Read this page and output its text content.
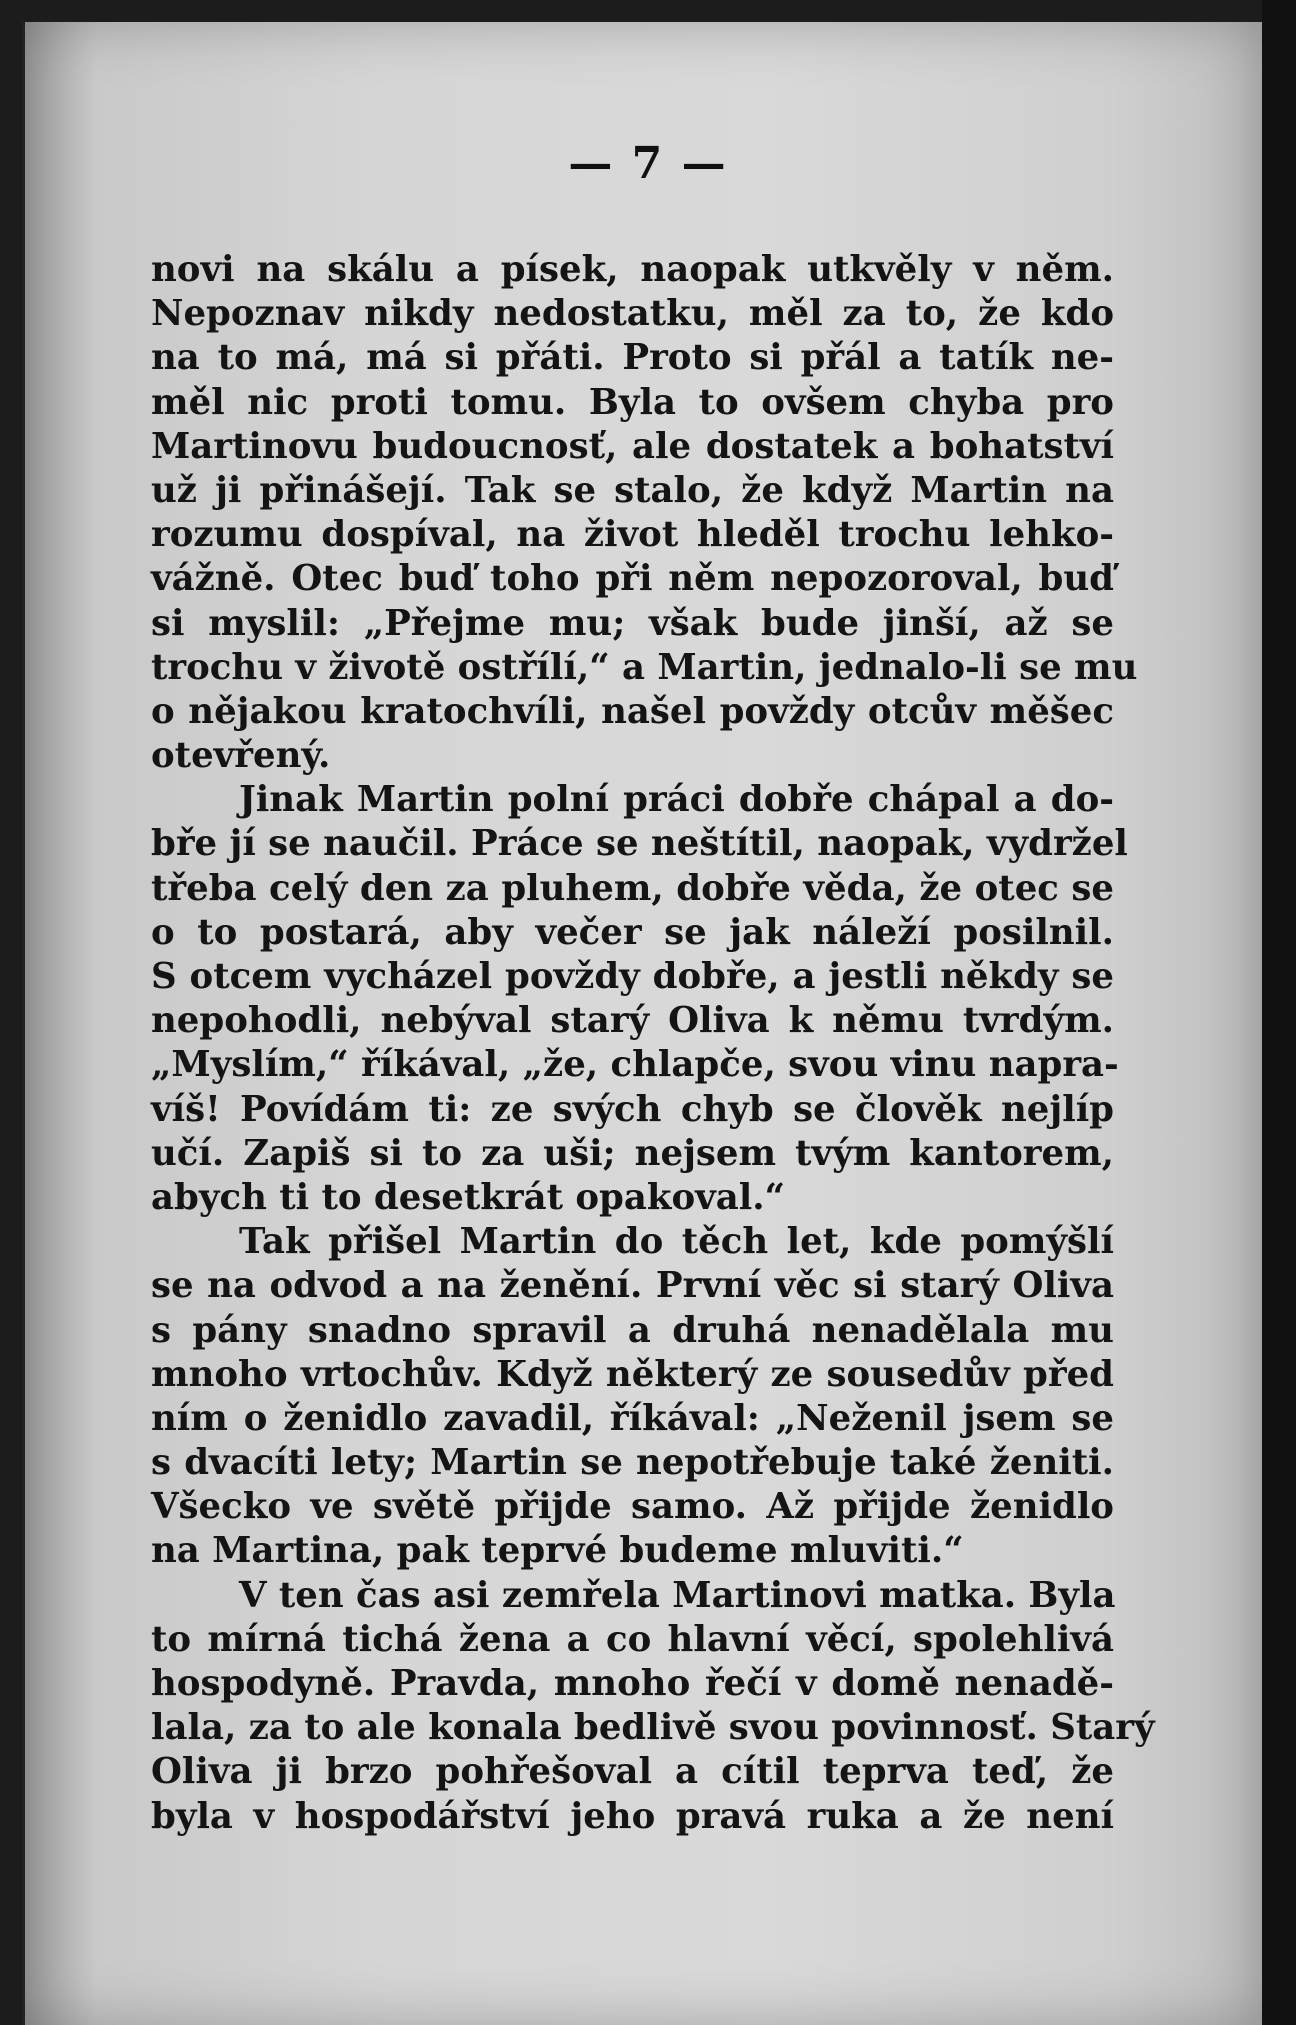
— 7 —
novi na skálu a písek, naopak utkvěly v něm.
Nepoznav nikdy nedostatku, měl za to, že kdo
na to má, má si přáti. Proto si přál a tatík ne-
měl nic proti tomu. Byla to ovšem chyba pro
Martinovu budoucnosť, ale dostatek a bohatství
už ji přinášejí. Tak se stalo, že když Martin na
rozumu dospíval, na život hleděl trochu lehko-
vážně. Otec buď toho při něm nepozoroval, buď
si myslil: „Přejme mu; však bude jinší, až se
trochu v životě ostřílí,“ a Martin, jednalo-li se mu
o nějakou kratochvíli, našel povždy otcův měšec
otevřený.
Jinak Martin polní práci dobře chápal a do-
bře jí se naučil. Práce se neštítil, naopak, vydržel
třeba celý den za pluhem, dobře věda, že otec se
o to postará, aby večer se jak náleží posilnil.
S otcem vycházel povždy dobře, a jestli někdy se
nepohodli, nebýval starý Oliva k němu tvrdým.
„Myslím,“ říkával, „že, chlapče, svou vinu napra-
víš! Povídám ti: ze svých chyb se člověk nejlíp
učí. Zapiš si to za uši; nejsem tvým kantorem,
abych ti to desetkrát opakoval.“
Tak přišel Martin do těch let, kde pomýšlí
se na odvod a na ženění. První věc si starý Oliva
s pány snadno spravil a druhá nenadělala mu
mnoho vrtochův. Když některý ze sousedův před
ním o ženidlo zavadil, říkával: „Neženil jsem se
s dvacíti lety; Martin se nepotřebuje také ženiti.
Všecko ve světě přijde samo. Až přijde ženidlo
na Martina, pak teprvé budeme mluviti.“
V ten čas asi zemřela Martinovi matka. Byla
to mírná tichá žena a co hlavní věcí, spolehlivá
hospodyně. Pravda, mnoho řečí v domě nenadě-
lala, za to ale konala bedlivě svou povinnosť. Starý
Oliva ji brzo pohřešoval a cítil teprva teď, že
byla v hospodářství jeho pravá ruka a že není
